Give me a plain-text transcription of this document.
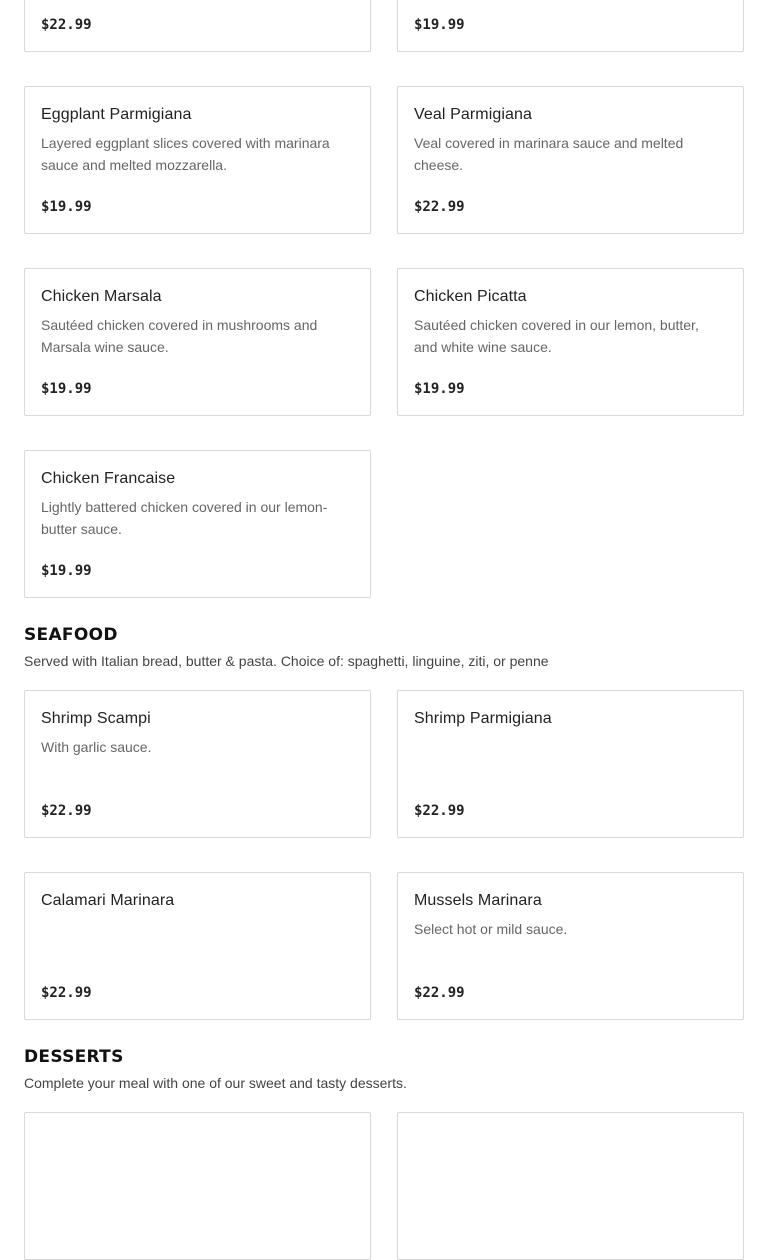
$22.99	$19.99
Eggplant Parmigiana
Layered eggplant slices covered with marinara sauce and melted mozzarella.
$19.99
Veal Parmigiana
Veal covered in marinara sauce and melted cheese.
$22.99
Chicken Marsala
Sautéed chicken covered in mushrooms and Marsala wine sauce.
$19.99
Chicken Picatta
Sautéed chicken covered in our lemon, butter, and white wine sauce.
$19.99
Chicken Francaise
Lightly battered chicken covered in our lemon-butter sauce.
$19.99
SEAFOOD
Served with Italian bread, butter & pasta. Choice of: spaghetti, linguine, ziti, or penne
Shrimp Scampi
With garlic sauce.
$22.99
Shrimp Parmigiana
$22.99
Calamari Marinara
$22.99
Mussels Marinara
Select hot or mild sauce.
$22.99
DESSERTS
Complete your meal with one of our sweet and tasty desserts.
